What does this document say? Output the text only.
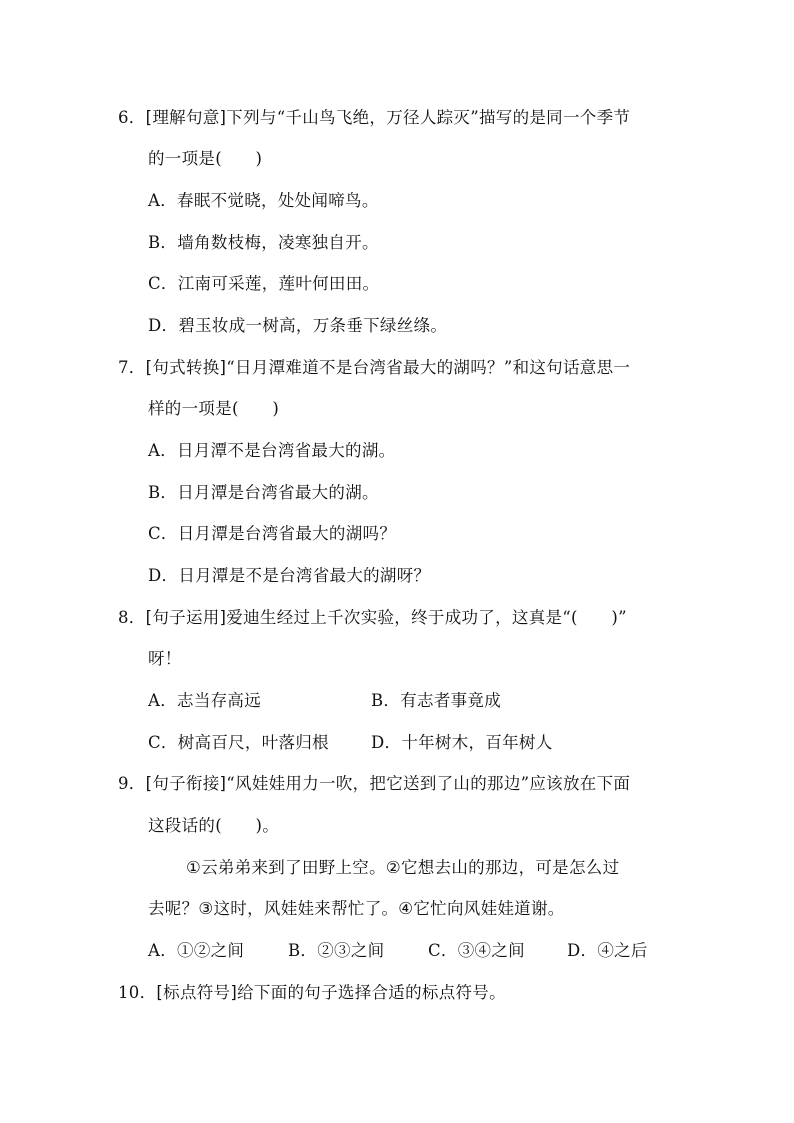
6．[理解句意]下列与“千山鸟飞绝，万径人踪灭”描写的是同一个季节
的一项是(　　)
A．春眠不觉晓，处处闻啼鸟。
B．墙角数枝梅，凌寒独自开。
C．江南可采莲，莲叶何田田。
D．碧玉妆成一树高，万条垂下绿丝绦。
7．[句式转换]“日月潭难道不是台湾省最大的湖吗？”和这句话意思一
样的一项是(　　)
A．日月潭不是台湾省最大的湖。
B．日月潭是台湾省最大的湖。
C．日月潭是台湾省最大的湖吗？
D．日月潭是不是台湾省最大的湖呀？
8．[句子运用]爱迪生经过上千次实验，终于成功了，这真是“(　　)”
呀！
A．志当存高远	B．有志者事竟成
C．树高百尺，叶落归根	D．十年树木，百年树人
9．[句子衔接]“风娃娃用力一吹，把它送到了山的那边”应该放在下面
这段话的(　　)。
①云弟弟来到了田野上空。②它想去山的那边，可是怎么过
去呢？③这时，风娃娃来帮忙了。④它忙向风娃娃道谢。
A．①②之间	B．②③之间	C．③④之间	D．④之后
10．[标点符号]给下面的句子选择合适的标点符号。
